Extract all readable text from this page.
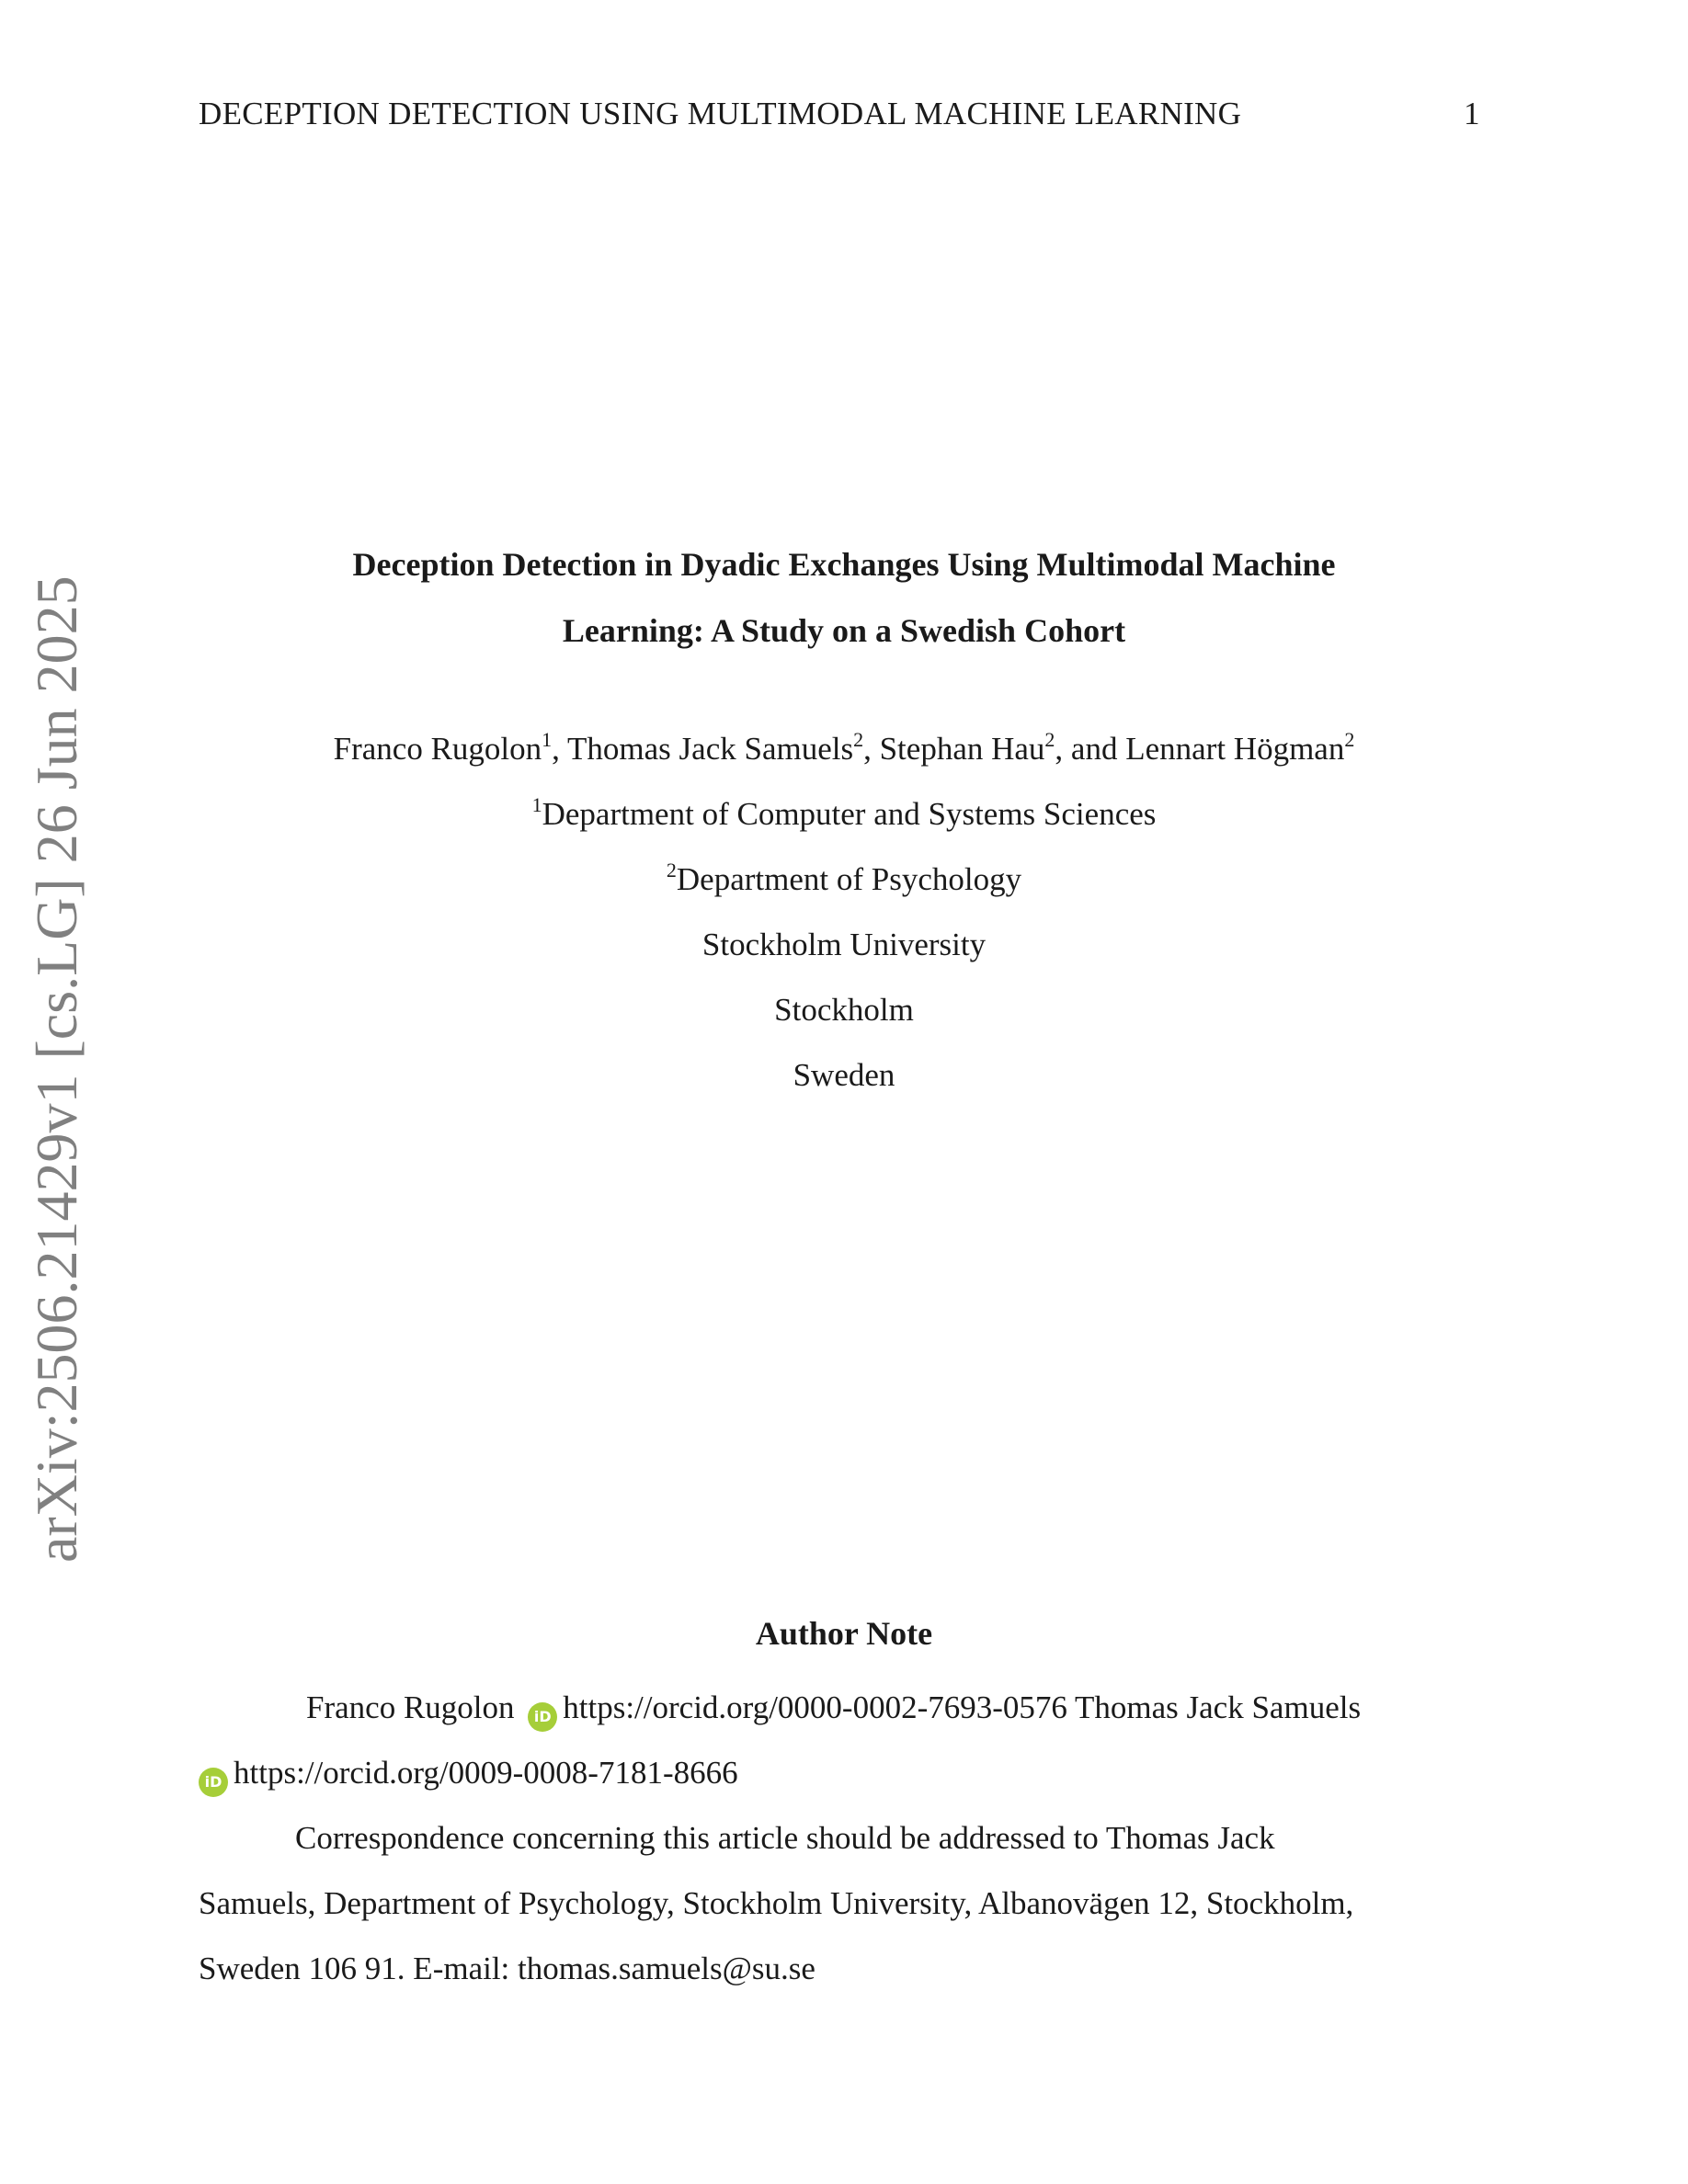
DECEPTION DETECTION USING MULTIMODAL MACHINE LEARNING	1
arXiv:2506.21429v1 [cs.LG] 26 Jun 2025
Deception Detection in Dyadic Exchanges Using Multimodal Machine
Learning: A Study on a Swedish Cohort
Franco Rugolon$^1$, Thomas Jack Samuels$^2$, Stephan Hau$^2$, and Lennart Högman$^2$
$^1$Department of Computer and Systems Sciences
$^2$Department of Psychology
Stockholm University
Stockholm
Sweden
Author Note
Franco Rugolon iD https://orcid.org/0000-0002-7693-0576 Thomas Jack Samuels
iD https://orcid.org/0009-0008-7181-8666
Correspondence concerning this article should be addressed to Thomas Jack
Samuels, Department of Psychology, Stockholm University, Albanovägen 12, Stockholm,
Sweden 106 91. E-mail: thomas.samuels@su.se
